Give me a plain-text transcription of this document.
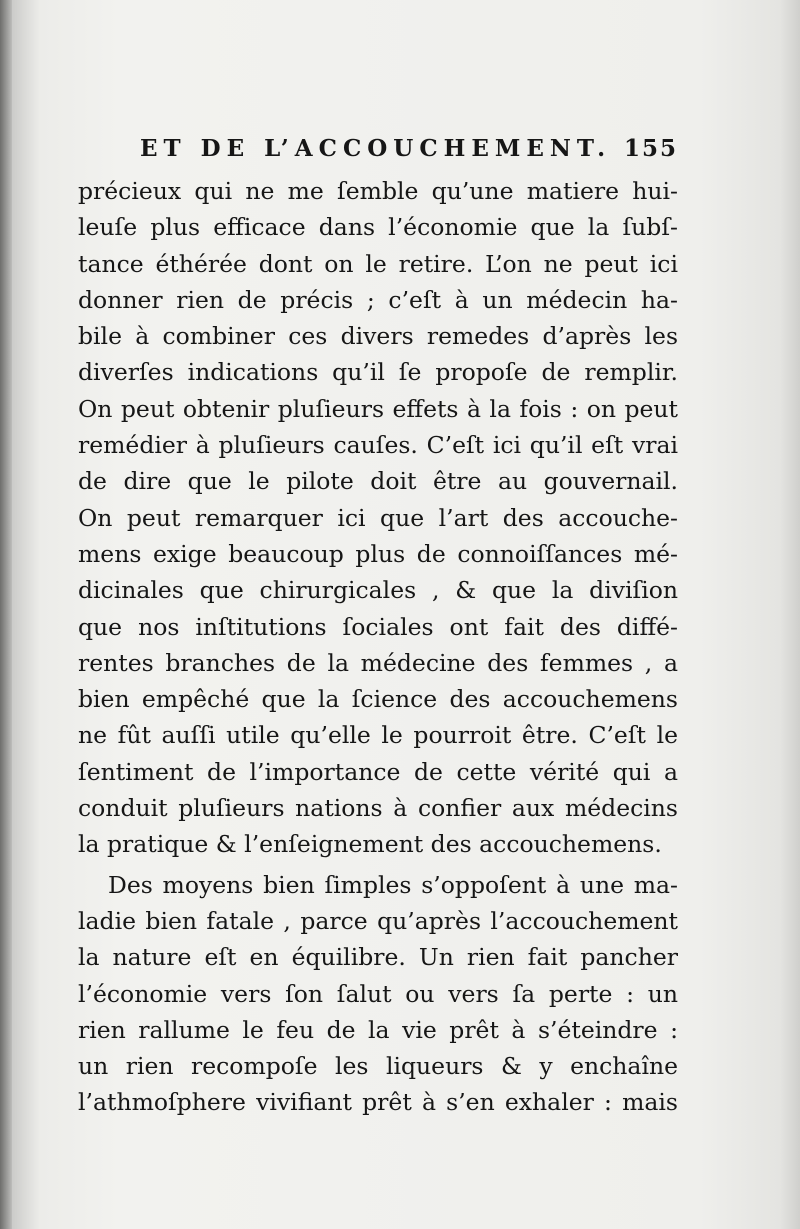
ET DE L’ACCOUCHEMENT. 155
précieux qui ne me ſemble qu’une matiere hui-
leuſe plus efficace dans l’économie que la ſubſ-
tance éthérée dont on le retire. L’on ne peut ici
donner rien de précis ; c’eſt à un médecin ha-
bile à combiner ces divers remedes d’après les
diverſes indications qu’il ſe propoſe de remplir.
On peut obtenir pluſieurs effets à la fois : on peut
remédier à pluſieurs cauſes. C’eſt ici qu’il eſt vrai
de dire que le pilote doit être au gouvernail.
On peut remarquer ici que l’art des accouche-
mens exige beaucoup plus de connoiſſances mé-
dicinales que chirurgicales , & que la diviſion
que nos inſtitutions ſociales ont fait des diffé-
rentes branches de la médecine des femmes , a
bien empêché que la ſcience des accouchemens
ne fût auſſi utile qu’elle le pourroit être. C’eſt le
ſentiment de l’importance de cette vérité qui a
conduit pluſieurs nations à confier aux médecins
la pratique & l’enſeignement des accouchemens.
Des moyens bien ſimples s’oppoſent à une ma-
ladie bien fatale , parce qu’après l’accouchement
la nature eſt en équilibre. Un rien fait pancher
l’économie vers ſon ſalut ou vers ſa perte : un
rien rallume le feu de la vie prêt à s’éteindre :
un rien recompoſe les liqueurs & y enchaîne
l’athmoſphere vivifiant prêt à s’en exhaler : mais
